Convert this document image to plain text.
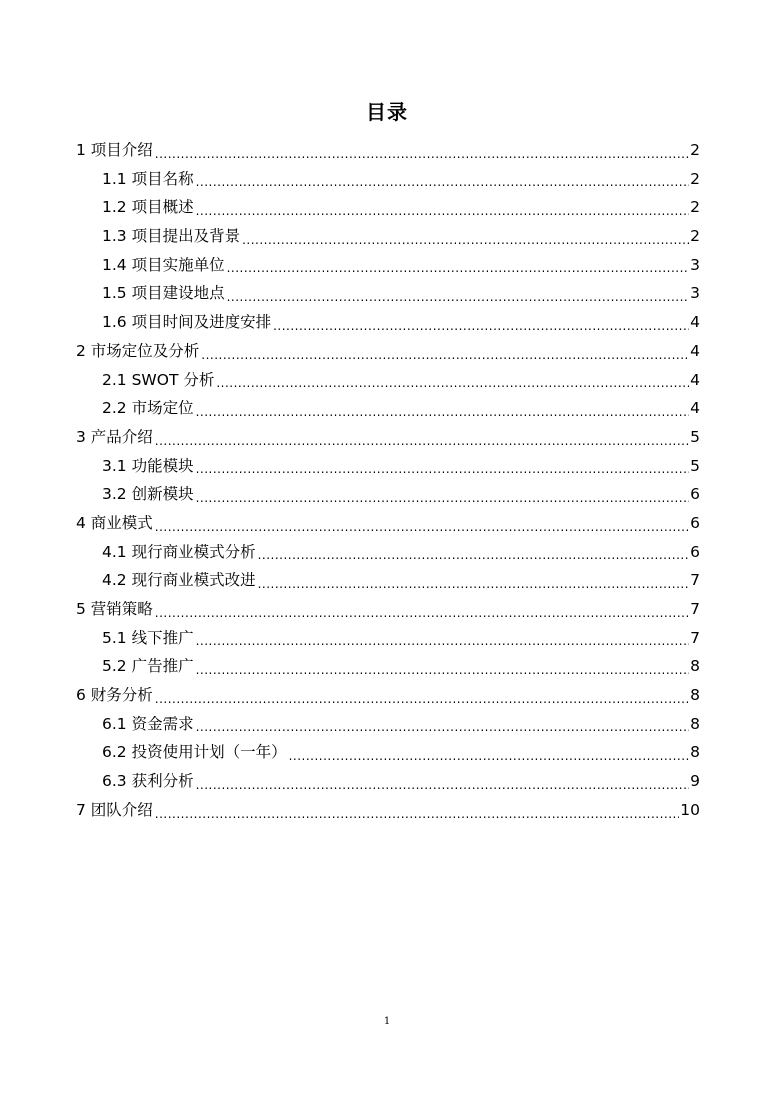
目录
1 项目介绍 .....	2
1.1 项目名称 .....	2
1.2 项目概述 .....	2
1.3 项目提出及背景 .....	2
1.4 项目实施单位 .....	3
1.5 项目建设地点 .....	3
1.6 项目时间及进度安排 .....	4
2 市场定位及分析 .....	4
2.1 SWOT 分析 .....	4
2.2 市场定位 .....	4
3 产品介绍 .....	5
3.1 功能模块 .....	5
3.2 创新模块 .....	6
4 商业模式 .....	6
4.1 现行商业模式分析 .....	6
4.2 现行商业模式改进 .....	7
5 营销策略 .....	7
5.1 线下推广 .....	7
5.2 广告推广 .....	8
6 财务分析 .....	8
6.1 资金需求 .....	8
6.2 投资使用计划（一年） .....	8
6.3 获利分析 .....	9
7 团队介绍 .....	10
1
